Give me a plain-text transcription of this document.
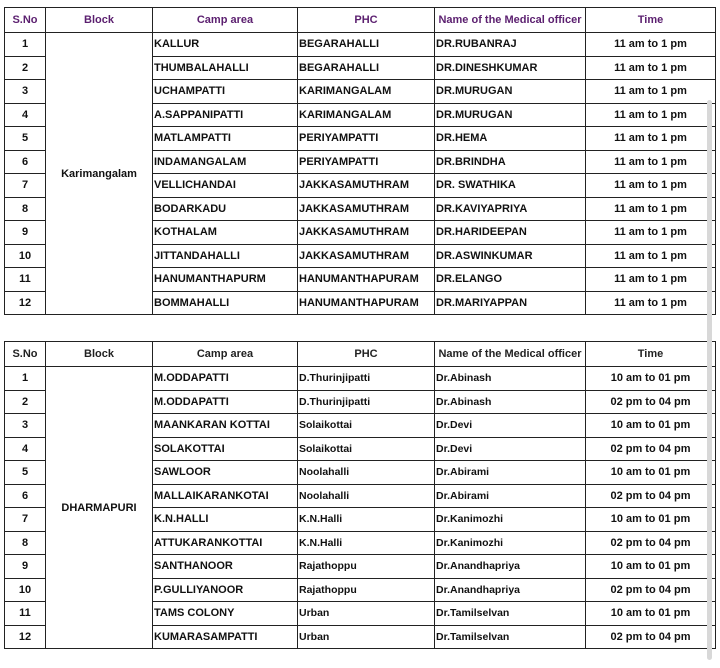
S.No	Block	Camp area	PHC	Name of the Medical officer	Time
1	Karimangalam	KALLUR	BEGARAHALLI	DR.RUBANRAJ	11 am to 1 pm
2		THUMBALAHALLI	BEGARAHALLI	DR.DINESHKUMAR	11 am to 1 pm
3		UCHAMPATTI	KARIMANGALAM	DR.MURUGAN	11 am to 1 pm
4		A.SAPPANIPATTI	KARIMANGALAM	DR.MURUGAN	11 am to 1 pm
5		MATLAMPATTI	PERIYAMPATTI	DR.HEMA	11 am to 1 pm
6		INDAMANGALAM	PERIYAMPATTI	DR.BRINDHA	11 am to 1 pm
7		VELLICHANDAI	JAKKASAMUTHRAM	DR. SWATHIKA	11 am to 1 pm
8		BODARKADU	JAKKASAMUTHRAM	DR.KAVIYAPRIYA	11 am to 1 pm
9		KOTHALAM	JAKKASAMUTHRAM	DR.HARIDEEPAN	11 am to 1 pm
10		JITTANDAHALLI	JAKKASAMUTHRAM	DR.ASWINKUMAR	11 am to 1 pm
11		HANUMANTHAPURM	HANUMANTHAPURAM	DR.ELANGO	11 am to 1 pm
12		BOMMAHALLI	HANUMANTHAPURAM	DR.MARIYAPPAN	11 am to 1 pm
S.No	Block	Camp area	PHC	Name of the Medical officer	Time
1	DHARMAPURI	M.ODDAPATTI	D.Thurinjipatti	Dr.Abinash	10 am to 01 pm
2		M.ODDAPATTI	D.Thurinjipatti	Dr.Abinash	02 pm to 04 pm
3		MAANKARAN KOTTAI	Solaikottai	Dr.Devi	10 am to 01 pm
4		SOLAKOTTAI	Solaikottai	Dr.Devi	02 pm to 04 pm
5		SAWLOOR	Noolahalli	Dr.Abirami	10 am to 01 pm
6		MALLAIKARANKOTAI	Noolahalli	Dr.Abirami	02 pm to 04 pm
7		K.N.HALLI	K.N.Halli	Dr.Kanimozhi	10 am to 01 pm
8		ATTUKARANKOTTAI	K.N.Halli	Dr.Kanimozhi	02 pm to 04 pm
9		SANTHANOOR	Rajathoppu	Dr.Anandhapriya	10 am to 01 pm
10		P.GULLIYANOOR	Rajathoppu	Dr.Anandhapriya	02 pm to 04 pm
11		TAMS COLONY	Urban	Dr.Tamilselvan	10 am to 01 pm
12		KUMARASAMPATTI	Urban	Dr.Tamilselvan	02 pm to 04 pm
